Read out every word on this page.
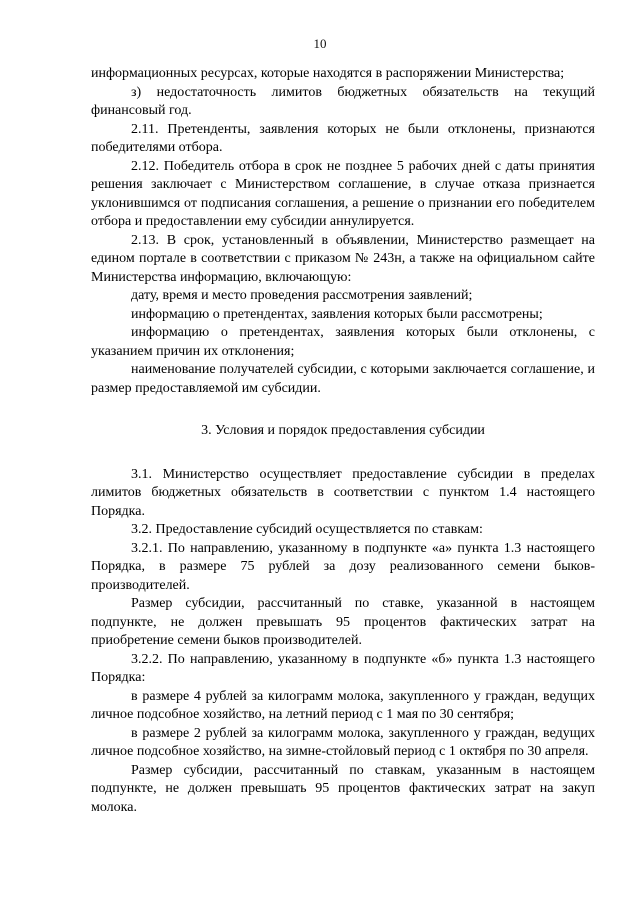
10

информационных ресурсах, которые находятся в распоряжении Министерства;

з) недостаточность лимитов бюджетных обязательств на текущий финансовый год.

2.11. Претенденты, заявления которых не были отклонены, признаются победителями отбора.

2.12. Победитель отбора в срок не позднее 5 рабочих дней с даты принятия решения заключает с Министерством соглашение, в случае отказа признается уклонившимся от подписания соглашения, а решение о признании его победителем отбора и предоставлении ему субсидии аннулируется.

2.13. В срок, установленный в объявлении, Министерство размещает на едином портале в соответствии с приказом № 243н, а также на официальном сайте Министерства информацию, включающую:

дату, время и место проведения рассмотрения заявлений;

информацию о претендентах, заявления которых были рассмотрены;

информацию о претендентах, заявления которых были отклонены, с указанием причин их отклонения;

наименование получателей субсидии, с которыми заключается соглашение, и размер предоставляемой им субсидии.

3. Условия и порядок предоставления субсидии

3.1. Министерство осуществляет предоставление субсидии в пределах лимитов бюджетных обязательств в соответствии с пунктом 1.4 настоящего Порядка.

3.2. Предоставление субсидий осуществляется по ставкам:

3.2.1. По направлению, указанному в подпункте «а» пункта 1.3 настоящего Порядка, в размере 75 рублей за дозу реализованного семени быков-производителей.

Размер субсидии, рассчитанный по ставке, указанной в настоящем подпункте, не должен превышать 95 процентов фактических затрат на приобретение семени быков производителей.

3.2.2. По направлению, указанному в подпункте «б» пункта 1.3 настоящего Порядка:

в размере 4 рублей за килограмм молока, закупленного у граждан, ведущих личное подсобное хозяйство, на летний период с 1 мая по 30 сентября;

в размере 2 рублей за килограмм молока, закупленного у граждан, ведущих личное подсобное хозяйство, на зимне-стойловый период с 1 октября по 30 апреля.

Размер субсидии, рассчитанный по ставкам, указанным в настоящем подпункте, не должен превышать 95 процентов фактических затрат на закуп молока.
